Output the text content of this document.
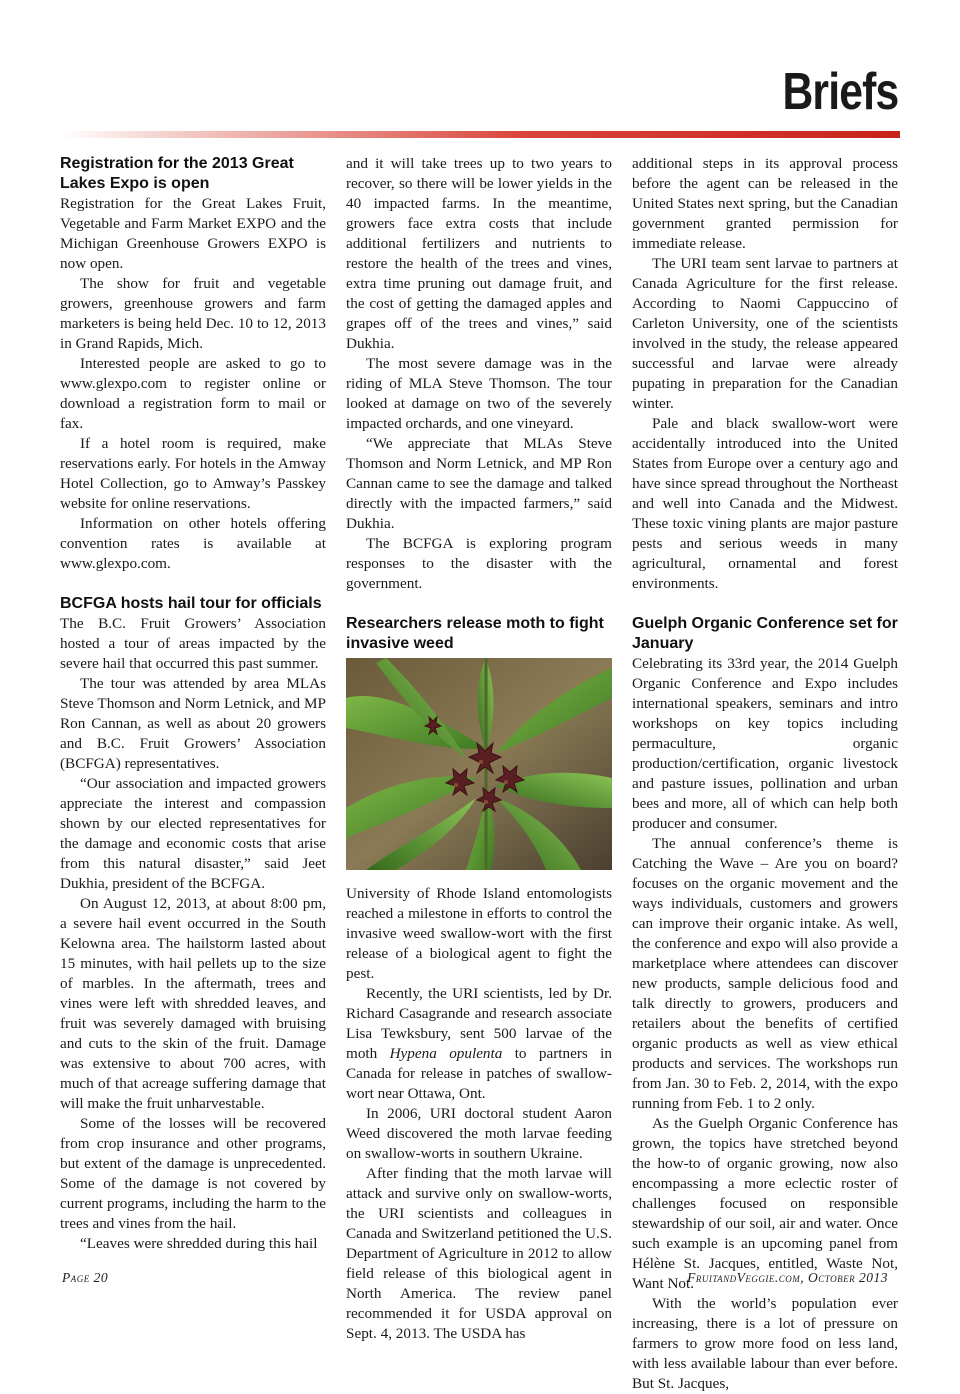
Briefs
Registration for the 2013 Great Lakes Expo is open

Registration for the Great Lakes Fruit, Vegetable and Farm Market EXPO and the Michigan Greenhouse Growers EXPO is now open.

The show for fruit and vegetable growers, greenhouse growers and farm marketers is being held Dec. 10 to 12, 2013 in Grand Rapids, Mich.

Interested people are asked to go to www.glexpo.com to register online or download a registration form to mail or fax.

If a hotel room is required, make reservations early. For hotels in the Amway Hotel Collection, go to Amway’s Passkey website for online reservations.

Information on other hotels offering convention rates is available at www.glexpo.com.

BCFGA hosts hail tour for officials

The B.C. Fruit Growers’ Association hosted a tour of areas impacted by the severe hail that occurred this past summer.

The tour was attended by area MLAs Steve Thomson and Norm Letnick, and MP Ron Cannan, as well as about 20 growers and B.C. Fruit Growers’ Association (BCFGA) representatives.

“Our association and impacted growers appreciate the interest and compassion shown by our elected representatives for the damage and economic costs that arise from this natural disaster,” said Jeet Dukhia, president of the BCFGA.

On August 12, 2013, at about 8:00 pm, a severe hail event occurred in the South Kelowna area. The hailstorm lasted about 15 minutes, with hail pellets up to the size of marbles. In the aftermath, trees and vines were left with shredded leaves, and fruit was severely damaged with bruising and cuts to the skin of the fruit. Damage was extensive to about 700 acres, with much of that acreage suffering damage that will make the fruit unharvestable.

Some of the losses will be recovered from crop insurance and other programs, but extent of the damage is unprecedented. Some of the damage is not covered by current programs, including the harm to the trees and vines from the hail.

“Leaves were shredded during this hail

and it will take trees up to two years to recover, so there will be lower yields in the 40 impacted farms. In the meantime, growers face extra costs that include additional fertilizers and nutrients to restore the health of the trees and vines, extra time pruning out damage fruit, and the cost of getting the damaged apples and grapes off of the trees and vines,” said Dukhia.

The most severe damage was in the riding of MLA Steve Thomson. The tour looked at damage on two of the severely impacted orchards, and one vineyard.

“We appreciate that MLAs Steve Thomson and Norm Letnick, and MP Ron Cannan came to see the damage and talked directly with the impacted farmers,” said Dukhia.

The BCFGA is exploring program responses to the disaster with the government.

Researchers release moth to fight invasive weed

University of Rhode Island entomologists reached a milestone in efforts to control the invasive weed swallow-wort with the first release of a biological agent to fight the pest.

Recently, the URI scientists, led by Dr. Richard Casagrande and research associate Lisa Tewksbury, sent 500 larvae of the moth Hypena opulenta to partners in Canada for release in patches of swallow-wort near Ottawa, Ont.

In 2006, URI doctoral student Aaron Weed discovered the moth larvae feeding on swallow-worts in southern Ukraine.

After finding that the moth larvae will attack and survive only on swallow-worts, the URI scientists and colleagues in Canada and Switzerland petitioned the U.S. Department of Agriculture in 2012 to allow field release of this biological agent in North America. The review panel recommended it for USDA approval on Sept. 4, 2013. The USDA has

additional steps in its approval process before the agent can be released in the United States next spring, but the Canadian government granted permission for immediate release.

The URI team sent larvae to partners at Canada Agriculture for the first release. According to Naomi Cappuccino of Carleton University, one of the scientists involved in the study, the release appeared successful and larvae were already pupating in preparation for the Canadian winter.

Pale and black swallow-wort were accidentally introduced into the United States from Europe over a century ago and have since spread throughout the Northeast and well into Canada and the Midwest. These toxic vining plants are major pasture pests and serious weeds in many agricultural, ornamental and forest environments.

Guelph Organic Conference set for January

Celebrating its 33rd year, the 2014 Guelph Organic Conference and Expo includes international speakers, seminars and intro workshops on key topics including permaculture, organic production/certification, organic livestock and pasture issues, pollination and urban bees and more, all of which can help both producer and consumer.

The annual conference’s theme is Catching the Wave – Are you on board? focuses on the organic movement and the ways individuals, customers and growers can improve their organic intake. As well, the conference and expo will also provide a marketplace where attendees can discover new products, sample delicious food and talk directly to growers, producers and retailers about the benefits of certified organic products as well as view ethical products and services. The workshops run from Jan. 30 to Feb. 2, 2014, with the expo running from Feb. 1 to 2 only.

As the Guelph Organic Conference has grown, the topics have stretched beyond the how-to of organic growing, now also encompassing a more eclectic roster of challenges focused on responsible stewardship of our soil, air and water. Once such example is an upcoming panel from Hélène St. Jacques, entitled, Waste Not, Want Not.

With the world’s population ever increasing, there is a lot of pressure on farmers to grow more food on less land, with less available labour than ever before. But St. Jacques,

Page 20	FruitandVeggie.com, October 2013
